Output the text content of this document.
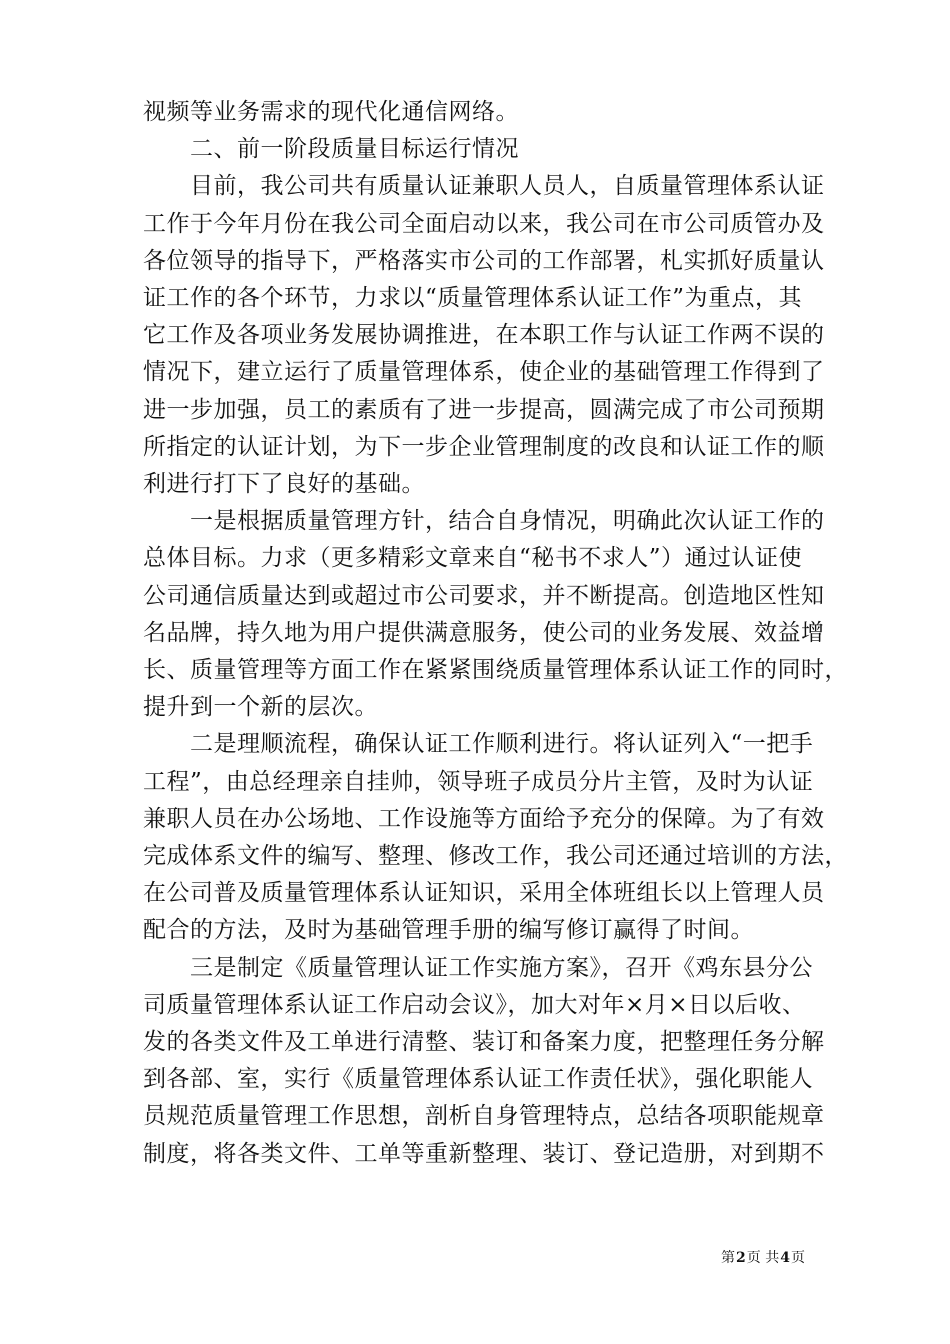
视频等业务需求的现代化通信网络。
　　二、前一阶段质量目标运行情况
　　目前，我公司共有质量认证兼职人员人，自质量管理体系认证
工作于今年月份在我公司全面启动以来，我公司在市公司质管办及
各位领导的指导下，严格落实市公司的工作部署，札实抓好质量认
证工作的各个环节，力求以“质量管理体系认证工作”为重点，其
它工作及各项业务发展协调推进，在本职工作与认证工作两不误的
情况下，建立运行了质量管理体系，使企业的基础管理工作得到了
进一步加强，员工的素质有了进一步提高，圆满完成了市公司预期
所指定的认证计划，为下一步企业管理制度的改良和认证工作的顺
利进行打下了良好的基础。
　　一是根据质量管理方针，结合自身情况，明确此次认证工作的
总体目标。力求（更多精彩文章来自“秘书不求人”）通过认证使
公司通信质量达到或超过市公司要求，并不断提高。创造地区性知
名品牌，持久地为用户提供满意服务，使公司的业务发展、效益增
长、质量管理等方面工作在紧紧围绕质量管理体系认证工作的同时，
提升到一个新的层次。
　　二是理顺流程，确保认证工作顺利进行。将认证列入“一把手
工程”，由总经理亲自挂帅，领导班子成员分片主管，及时为认证
兼职人员在办公场地、工作设施等方面给予充分的保障。为了有效
完成体系文件的编写、整理、修改工作，我公司还通过培训的方法，
在公司普及质量管理体系认证知识，采用全体班组长以上管理人员
配合的方法，及时为基础管理手册的编写修订赢得了时间。
　　三是制定《质量管理认证工作实施方案》，召开《鸡东县分公
司质量管理体系认证工作启动会议》，加大对年×月×日以后收、
发的各类文件及工单进行清整、装订和备案力度，把整理任务分解
到各部、室，实行《质量管理体系认证工作责任状》，强化职能人
员规范质量管理工作思想，剖析自身管理特点，总结各项职能规章
制度，将各类文件、工单等重新整理、装订、登记造册，对到期不
第2页 共4页
